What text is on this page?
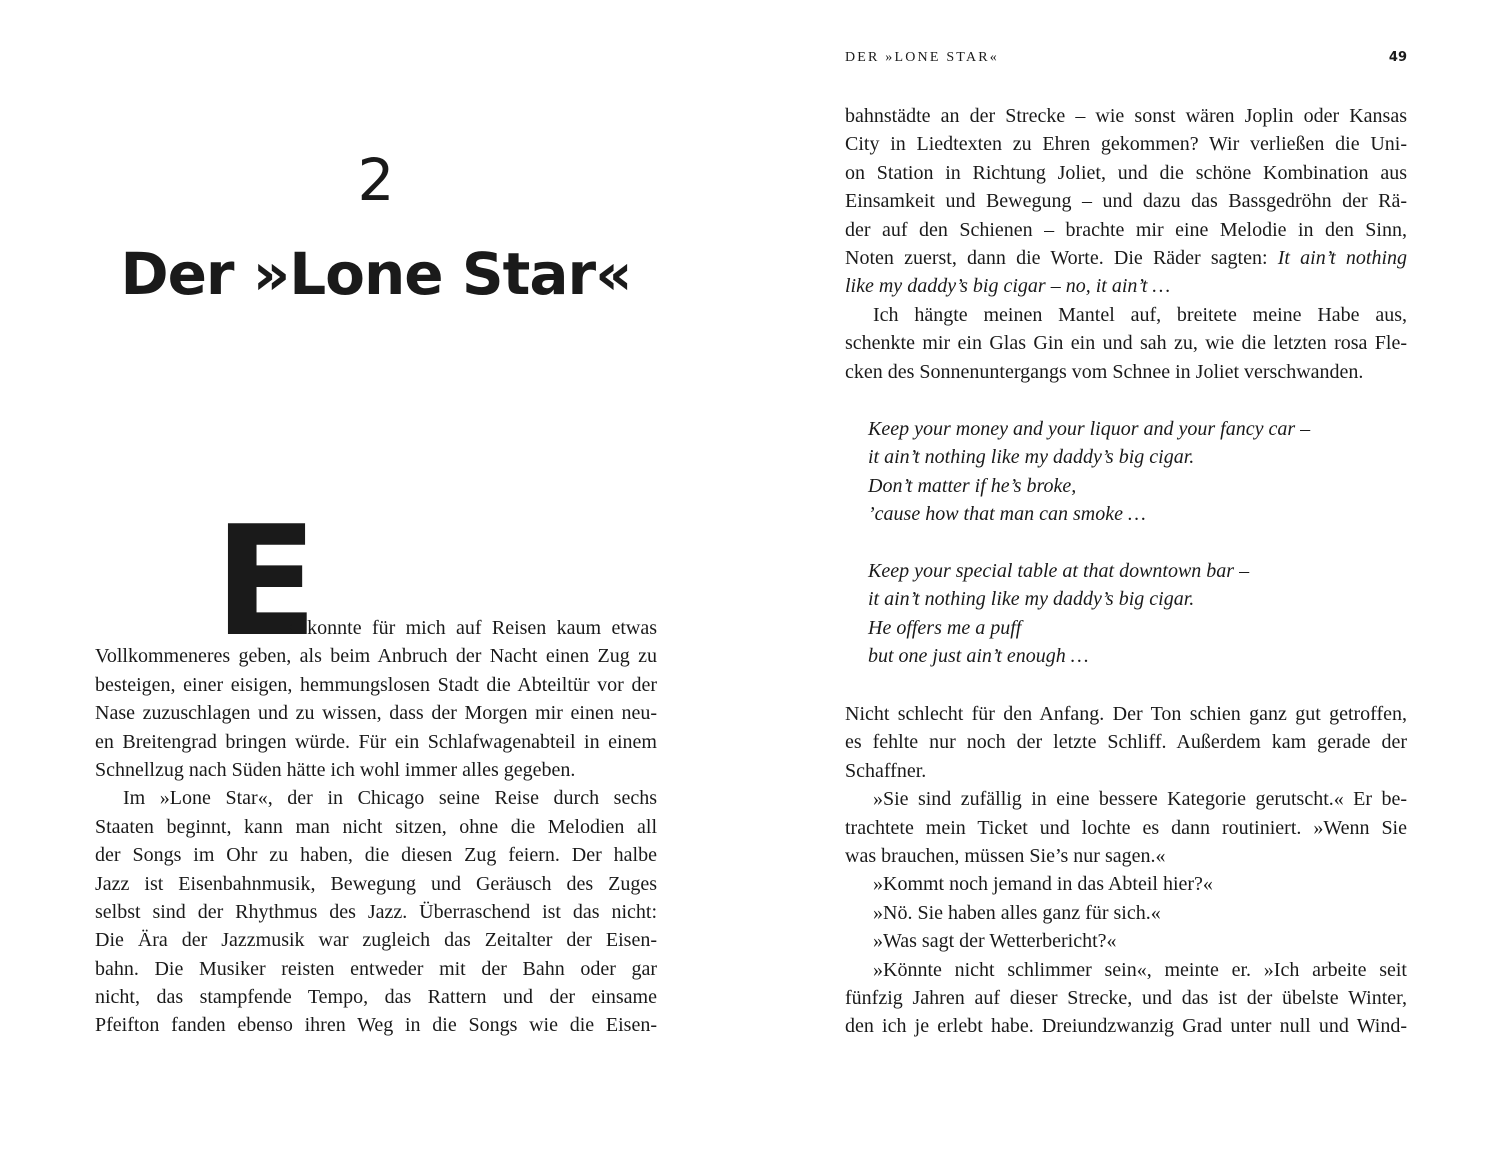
2
Der »Lone Star«
E
s konnte für mich auf Reisen kaum etwas
Vollkommeneres geben, als beim Anbruch der Nacht einen Zug zu
besteigen, einer eisigen, hemmungslosen Stadt die Abteiltür vor der
Nase zuzuschlagen und zu wissen, dass der Morgen mir einen neu-
en Breitengrad bringen würde. Für ein Schlafwagenabteil in einem
Schnellzug nach Süden hätte ich wohl immer alles gegeben.
Im »Lone Star«, der in Chicago seine Reise durch sechs
Staaten beginnt, kann man nicht sitzen, ohne die Melodien all
der Songs im Ohr zu haben, die diesen Zug feiern. Der halbe
Jazz ist Eisenbahnmusik, Bewegung und Geräusch des Zuges
selbst sind der Rhythmus des Jazz. Überraschend ist das nicht:
Die Ära der Jazzmusik war zugleich das Zeitalter der Eisen-
bahn. Die Musiker reisten entweder mit der Bahn oder gar
nicht, das stampfende Tempo, das Rattern und der einsame
Pfeifton fanden ebenso ihren Weg in die Songs wie die Eisen-
DER »LONE STAR«	49
bahnstädte an der Strecke – wie sonst wären Joplin oder Kansas
City in Liedtexten zu Ehren gekommen? Wir verließen die Uni-
on Station in Richtung Joliet, und die schöne Kombination aus
Einsamkeit und Bewegung – und dazu das Bassgedröhn der Rä-
der auf den Schienen – brachte mir eine Melodie in den Sinn,
Noten zuerst, dann die Worte. Die Räder sagten: It ain’t nothing
like my daddy’s big cigar – no, it ain’t …
Ich hängte meinen Mantel auf, breitete meine Habe aus,
schenkte mir ein Glas Gin ein und sah zu, wie die letzten rosa Fle-
cken des Sonnenuntergangs vom Schnee in Joliet verschwanden.
Keep your money and your liquor and your fancy car –
it ain’t nothing like my daddy’s big cigar.
Don’t matter if he’s broke,
’cause how that man can smoke …
Keep your special table at that downtown bar –
it ain’t nothing like my daddy’s big cigar.
He offers me a puff
but one just ain’t enough …
Nicht schlecht für den Anfang. Der Ton schien ganz gut getroffen,
es fehlte nur noch der letzte Schliff. Außerdem kam gerade der
Schaffner.
»Sie sind zufällig in eine bessere Kategorie gerutscht.« Er be-
trachtete mein Ticket und lochte es dann routiniert. »Wenn Sie
was brauchen, müssen Sie’s nur sagen.«
»Kommt noch jemand in das Abteil hier?«
»Nö. Sie haben alles ganz für sich.«
»Was sagt der Wetterbericht?«
»Könnte nicht schlimmer sein«, meinte er. »Ich arbeite seit
fünfzig Jahren auf dieser Strecke, und das ist der übelste Winter,
den ich je erlebt habe. Dreiundzwanzig Grad unter null und Wind-
